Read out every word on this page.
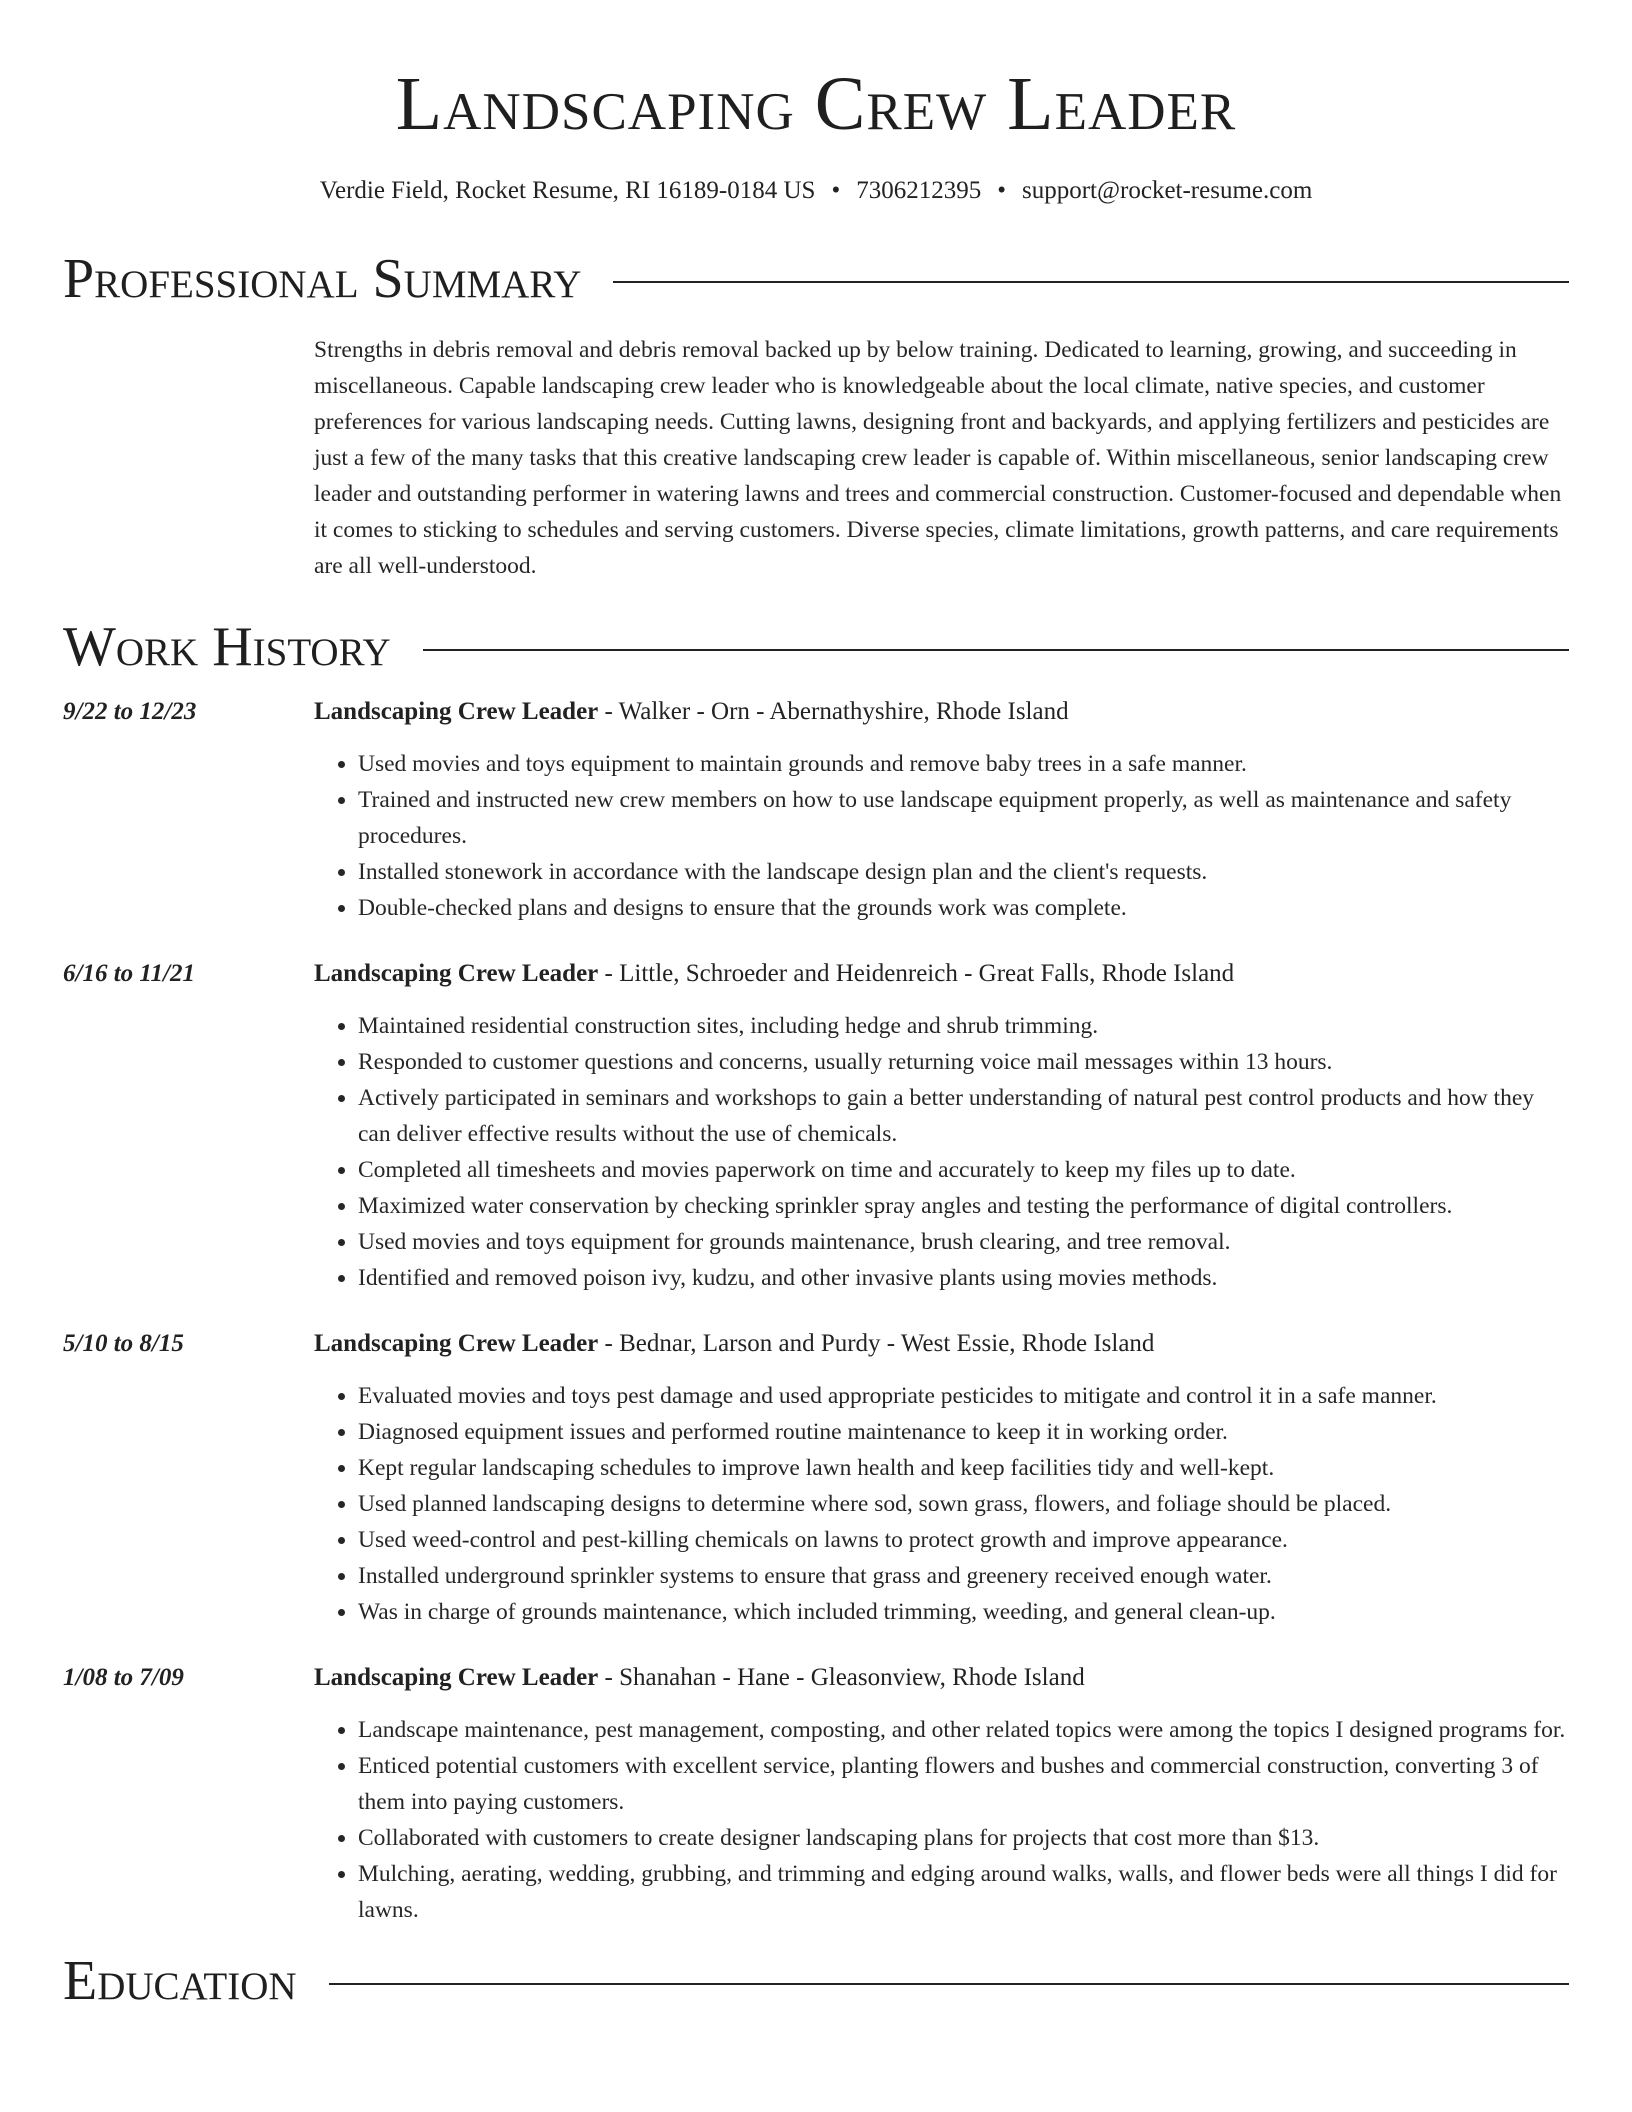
Landscaping Crew Leader
Verdie Field, Rocket Resume, RI 16189-0184 US • 7306212395 • support@rocket-resume.com
Professional Summary
Strengths in debris removal and debris removal backed up by below training. Dedicated to learning, growing, and succeeding in miscellaneous. Capable landscaping crew leader who is knowledgeable about the local climate, native species, and customer preferences for various landscaping needs. Cutting lawns, designing front and backyards, and applying fertilizers and pesticides are just a few of the many tasks that this creative landscaping crew leader is capable of. Within miscellaneous, senior landscaping crew leader and outstanding performer in watering lawns and trees and commercial construction. Customer-focused and dependable when it comes to sticking to schedules and serving customers. Diverse species, climate limitations, growth patterns, and care requirements are all well-understood.
Work History
9/22 to 12/23	Landscaping Crew Leader - Walker - Orn - Abernathyshire, Rhode Island
• Used movies and toys equipment to maintain grounds and remove baby trees in a safe manner.
• Trained and instructed new crew members on how to use landscape equipment properly, as well as maintenance and safety procedures.
• Installed stonework in accordance with the landscape design plan and the client's requests.
• Double-checked plans and designs to ensure that the grounds work was complete.
6/16 to 11/21	Landscaping Crew Leader - Little, Schroeder and Heidenreich - Great Falls, Rhode Island
• Maintained residential construction sites, including hedge and shrub trimming.
• Responded to customer questions and concerns, usually returning voice mail messages within 13 hours.
• Actively participated in seminars and workshops to gain a better understanding of natural pest control products and how they can deliver effective results without the use of chemicals.
• Completed all timesheets and movies paperwork on time and accurately to keep my files up to date.
• Maximized water conservation by checking sprinkler spray angles and testing the performance of digital controllers.
• Used movies and toys equipment for grounds maintenance, brush clearing, and tree removal.
• Identified and removed poison ivy, kudzu, and other invasive plants using movies methods.
5/10 to 8/15	Landscaping Crew Leader - Bednar, Larson and Purdy - West Essie, Rhode Island
• Evaluated movies and toys pest damage and used appropriate pesticides to mitigate and control it in a safe manner.
• Diagnosed equipment issues and performed routine maintenance to keep it in working order.
• Kept regular landscaping schedules to improve lawn health and keep facilities tidy and well-kept.
• Used planned landscaping designs to determine where sod, sown grass, flowers, and foliage should be placed.
• Used weed-control and pest-killing chemicals on lawns to protect growth and improve appearance.
• Installed underground sprinkler systems to ensure that grass and greenery received enough water.
• Was in charge of grounds maintenance, which included trimming, weeding, and general clean-up.
1/08 to 7/09	Landscaping Crew Leader - Shanahan - Hane - Gleasonview, Rhode Island
• Landscape maintenance, pest management, composting, and other related topics were among the topics I designed programs for.
• Enticed potential customers with excellent service, planting flowers and bushes and commercial construction, converting 3 of them into paying customers.
• Collaborated with customers to create designer landscaping plans for projects that cost more than $13.
• Mulching, aerating, wedding, grubbing, and trimming and edging around walks, walls, and flower beds were all things I did for lawns.
Education
